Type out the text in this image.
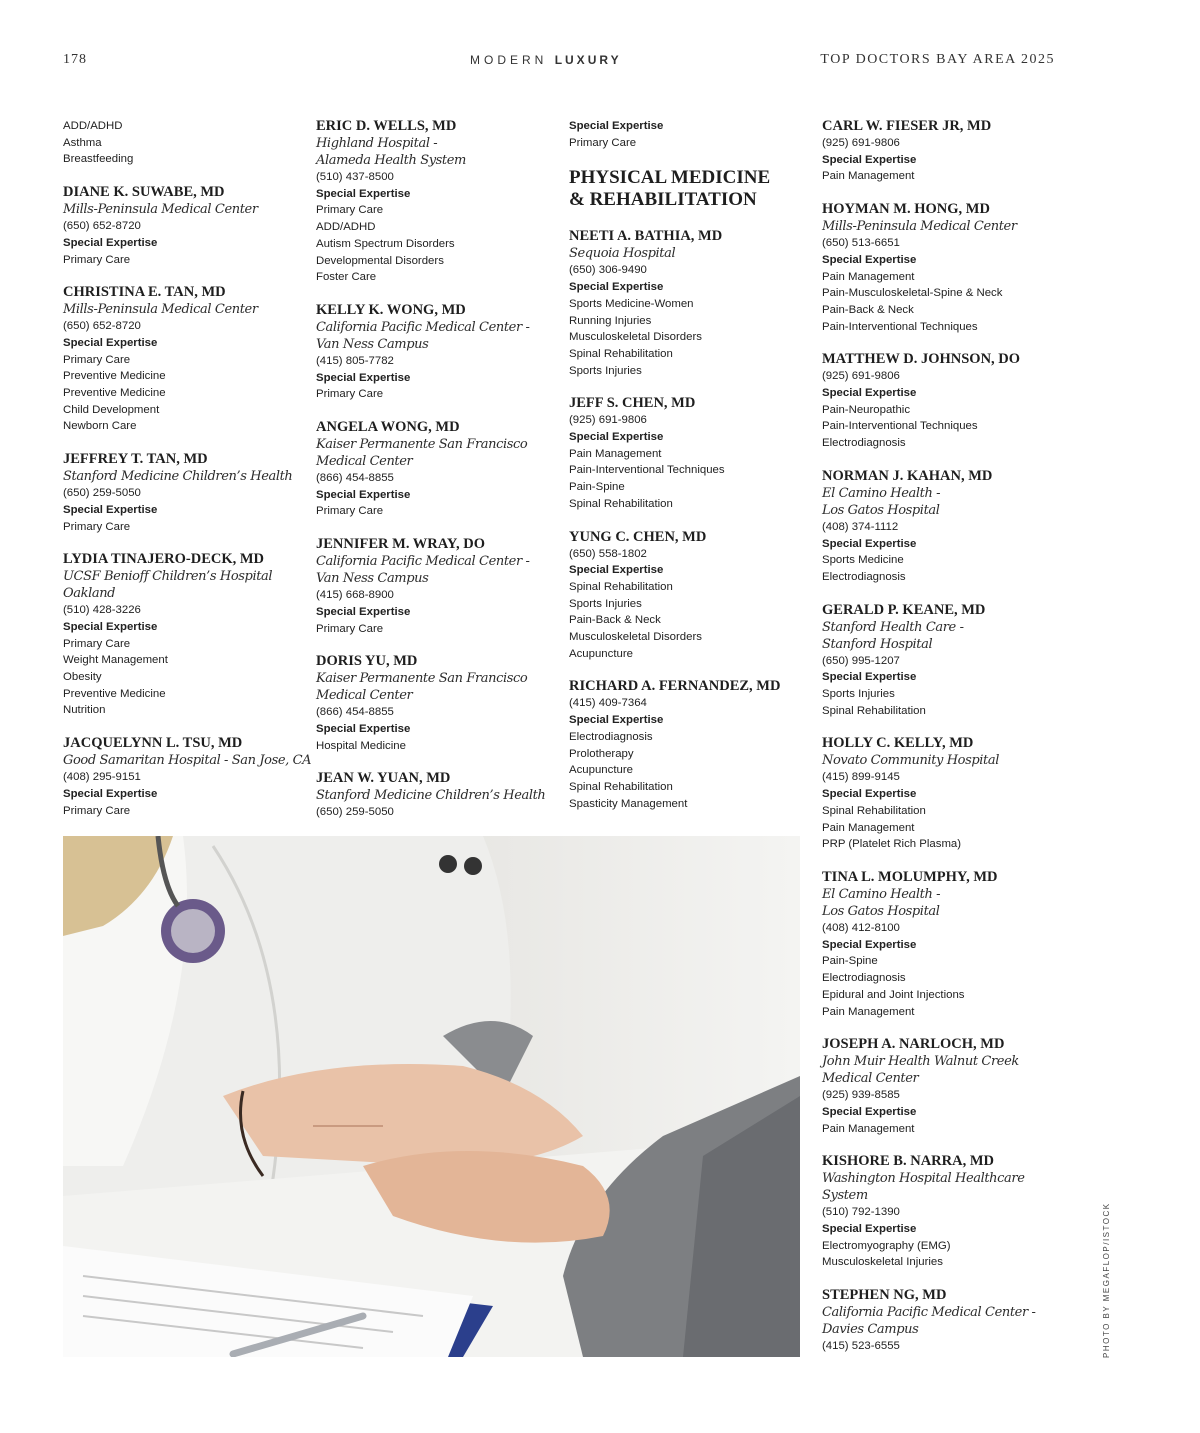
178	MODERN LUXURY	TOP DOCTORS BAY AREA 2025
ADD/ADHD
Asthma
Breastfeeding
DIANE K. SUWABE, MD
Mills-Peninsula Medical Center
(650) 652-8720
Special Expertise
Primary Care
CHRISTINA E. TAN, MD
Mills-Peninsula Medical Center
(650) 652-8720
Special Expertise
Primary Care
Preventive Medicine
Preventive Medicine
Child Development
Newborn Care
JEFFREY T. TAN, MD
Stanford Medicine Children’s Health
(650) 259-5050
Special Expertise
Primary Care
LYDIA TINAJERO-DECK, MD
UCSF Benioff Children’s Hospital
Oakland
(510) 428-3226
Special Expertise
Primary Care
Weight Management
Obesity
Preventive Medicine
Nutrition
JACQUELYNN L. TSU, MD
Good Samaritan Hospital - San Jose, CA
(408) 295-9151
Special Expertise
Primary Care
ERIC D. WELLS, MD
Highland Hospital -
Alameda Health System
(510) 437-8500
Special Expertise
Primary Care
ADD/ADHD
Autism Spectrum Disorders
Developmental Disorders
Foster Care
KELLY K. WONG, MD
California Pacific Medical Center -
Van Ness Campus
(415) 805-7782
Special Expertise
Primary Care
ANGELA WONG, MD
Kaiser Permanente San Francisco
Medical Center
(866) 454-8855
Special Expertise
Primary Care
JENNIFER M. WRAY, DO
California Pacific Medical Center -
Van Ness Campus
(415) 668-8900
Special Expertise
Primary Care
DORIS YU, MD
Kaiser Permanente San Francisco
Medical Center
(866) 454-8855
Special Expertise
Hospital Medicine
JEAN W. YUAN, MD
Stanford Medicine Children’s Health
(650) 259-5050
Special Expertise
Primary Care
PHYSICAL MEDICINE
& REHABILITATION
NEETI A. BATHIA, MD
Sequoia Hospital
(650) 306-9490
Special Expertise
Sports Medicine-Women
Running Injuries
Musculoskeletal Disorders
Spinal Rehabilitation
Sports Injuries
JEFF S. CHEN, MD
(925) 691-9806
Special Expertise
Pain Management
Pain-Interventional Techniques
Pain-Spine
Spinal Rehabilitation
YUNG C. CHEN, MD
(650) 558-1802
Special Expertise
Spinal Rehabilitation
Sports Injuries
Pain-Back & Neck
Musculoskeletal Disorders
Acupuncture
RICHARD A. FERNANDEZ, MD
(415) 409-7364
Special Expertise
Electrodiagnosis
Prolotherapy
Acupuncture
Spinal Rehabilitation
Spasticity Management
CARL W. FIESER JR, MD
(925) 691-9806
Special Expertise
Pain Management
HOYMAN M. HONG, MD
Mills-Peninsula Medical Center
(650) 513-6651
Special Expertise
Pain Management
Pain-Musculoskeletal-Spine & Neck
Pain-Back & Neck
Pain-Interventional Techniques
MATTHEW D. JOHNSON, DO
(925) 691-9806
Special Expertise
Pain-Neuropathic
Pain-Interventional Techniques
Electrodiagnosis
NORMAN J. KAHAN, MD
El Camino Health -
Los Gatos Hospital
(408) 374-1112
Special Expertise
Sports Medicine
Electrodiagnosis
GERALD P. KEANE, MD
Stanford Health Care -
Stanford Hospital
(650) 995-1207
Special Expertise
Sports Injuries
Spinal Rehabilitation
HOLLY C. KELLY, MD
Novato Community Hospital
(415) 899-9145
Special Expertise
Spinal Rehabilitation
Pain Management
PRP (Platelet Rich Plasma)
TINA L. MOLUMPHY, MD
El Camino Health -
Los Gatos Hospital
(408) 412-8100
Special Expertise
Pain-Spine
Electrodiagnosis
Epidural and Joint Injections
Pain Management
JOSEPH A. NARLOCH, MD
John Muir Health Walnut Creek
Medical Center
(925) 939-8585
Special Expertise
Pain Management
KISHORE B. NARRA, MD
Washington Hospital Healthcare
System
(510) 792-1390
Special Expertise
Electromyography (EMG)
Musculoskeletal Injuries
STEPHEN NG, MD
California Pacific Medical Center -
Davies Campus
(415) 523-6555	PHOTO BY MEGAFLOP/ISTOCK
